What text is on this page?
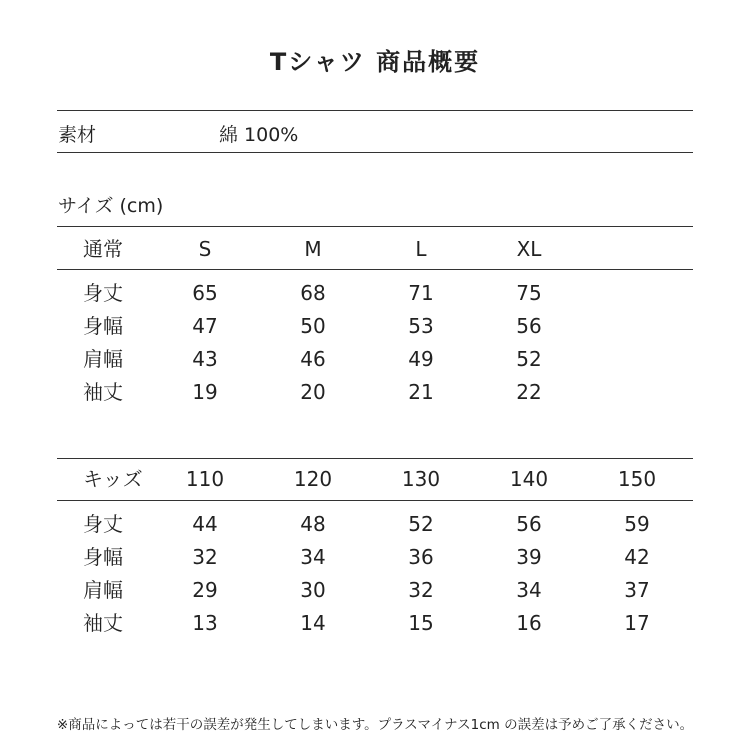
Tシャツ 商品概要
素材	綿 100%
サイズ (cm)
通常	S	M	L	XL
身丈	65	68	71	75
身幅	47	50	53	56
肩幅	43	46	49	52
袖丈	19	20	21	22
キッズ	110	120	130	140	150
身丈	44	48	52	56	59
身幅	32	34	36	39	42
肩幅	29	30	32	34	37
袖丈	13	14	15	16	17
※商品によっては若干の誤差が発生してしまいます。プラスマイナス1cm の誤差は予めご了承ください。
